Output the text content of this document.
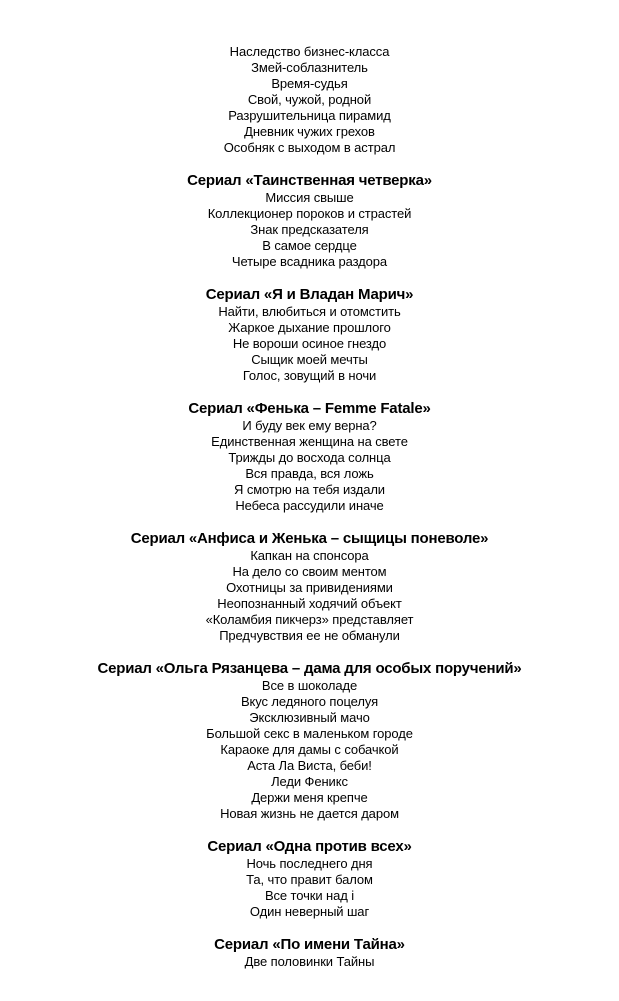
Наследство бизнес-класса

Змей-соблазнитель

Время-судья

Свой, чужой, родной

Разрушительница пирамид

Дневник чужих грехов

Особняк с выходом в астрал

Сериал «Таинственная четверка»

Миссия свыше

Коллекционер пороков и страстей

Знак предсказателя

В самое сердце

Четыре всадника раздора

Сериал «Я и Владан Марич»

Найти, влюбиться и отомстить

Жаркое дыхание прошлого

Не вороши осиное гнездо

Сыщик моей мечты

Голос, зовущий в ночи

Сериал «Фенька – Femme Fatale»

И буду век ему верна?

Единственная женщина на свете

Трижды до восхода солнца

Вся правда, вся ложь

Я смотрю на тебя издали

Небеса рассудили иначе

Сериал «Анфиса и Женька – сыщицы поневоле»

Капкан на спонсора

На дело со своим ментом

Охотницы за привидениями

Неопознанный ходячий объект

«Коламбия пикчерз» представляет

Предчувствия ее не обманули

Сериал «Ольга Рязанцева – дама для особых поручений»

Все в шоколаде

Вкус ледяного поцелуя

Эксклюзивный мачо

Большой секс в маленьком городе

Караоке для дамы с собачкой

Аста Ла Виста, беби!

Леди Феникс

Держи меня крепче

Новая жизнь не дается даром

Сериал «Одна против всех»

Ночь последнего дня

Та, что правит балом

Все точки над i

Один неверный шаг

Сериал «По имени Тайна»

Две половинки Тайны
